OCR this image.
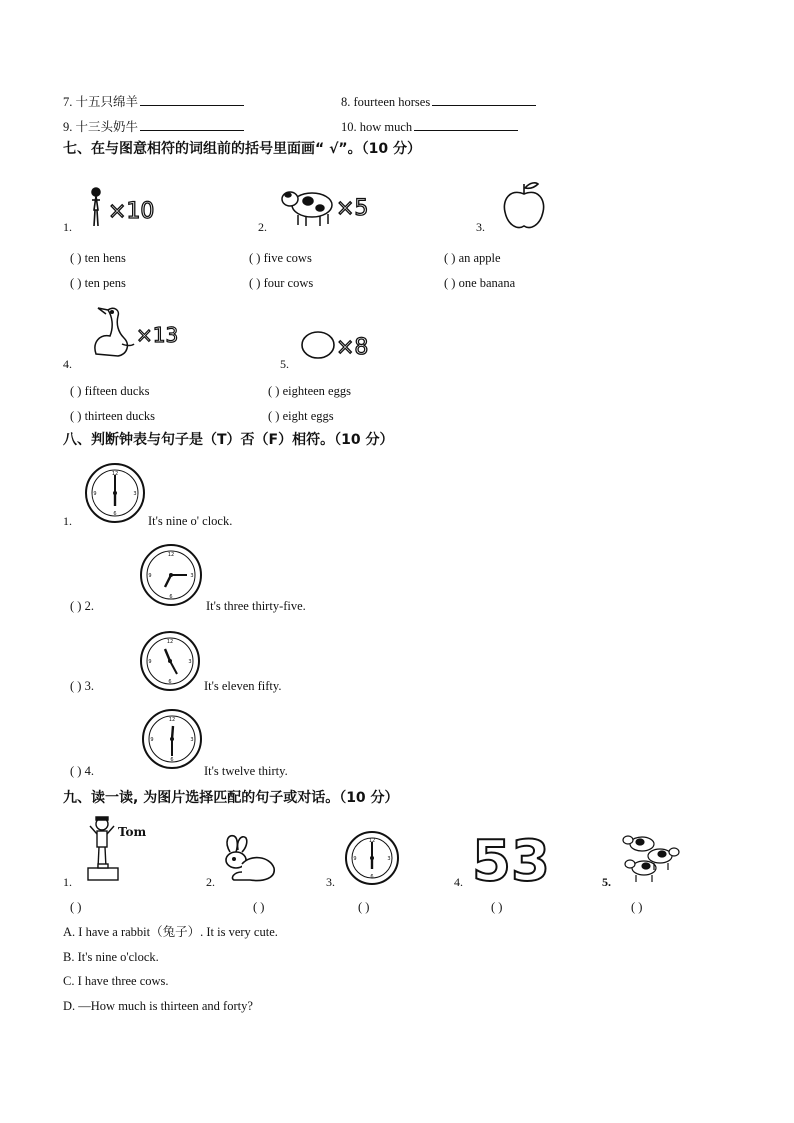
7. 十五只绵羊	8. fourteen horses
9. 十三头奶牛	10. how much
七、在与图意相符的词组前的括号里面画“ √”。（10 分）
×10
1.
×5
2.	3.
( ) ten hens
( ) ten pens
( ) five cows
( ) four cows
( ) an apple
( ) one banana
×13
4.
×8
5.
( ) fifteen ducks
( ) thirteen ducks
( ) eighteen eggs
( ) eight eggs
八、判断钟表与句子是（T）否（F）相符。（10 分）
12
6
3
9
1.	It's nine o' clock.
12
6
3
9
( ) 2.	It's three thirty-five.
12
6
3
9
( ) 3.	It's eleven fifty.
12
6
3
9
( ) 4.	It's twelve thirty.
九、读一读, 为图片选择匹配的句子或对话。（10 分）
Tom
1.	2.
12
6
3
9
3. 53
4.	5.
( )	( )	( )	( )	( )
A. I have a rabbit（兔子）. It is very cute.
B. It's nine o'clock.
C. I have three cows.
D. —How much is thirteen and forty?
